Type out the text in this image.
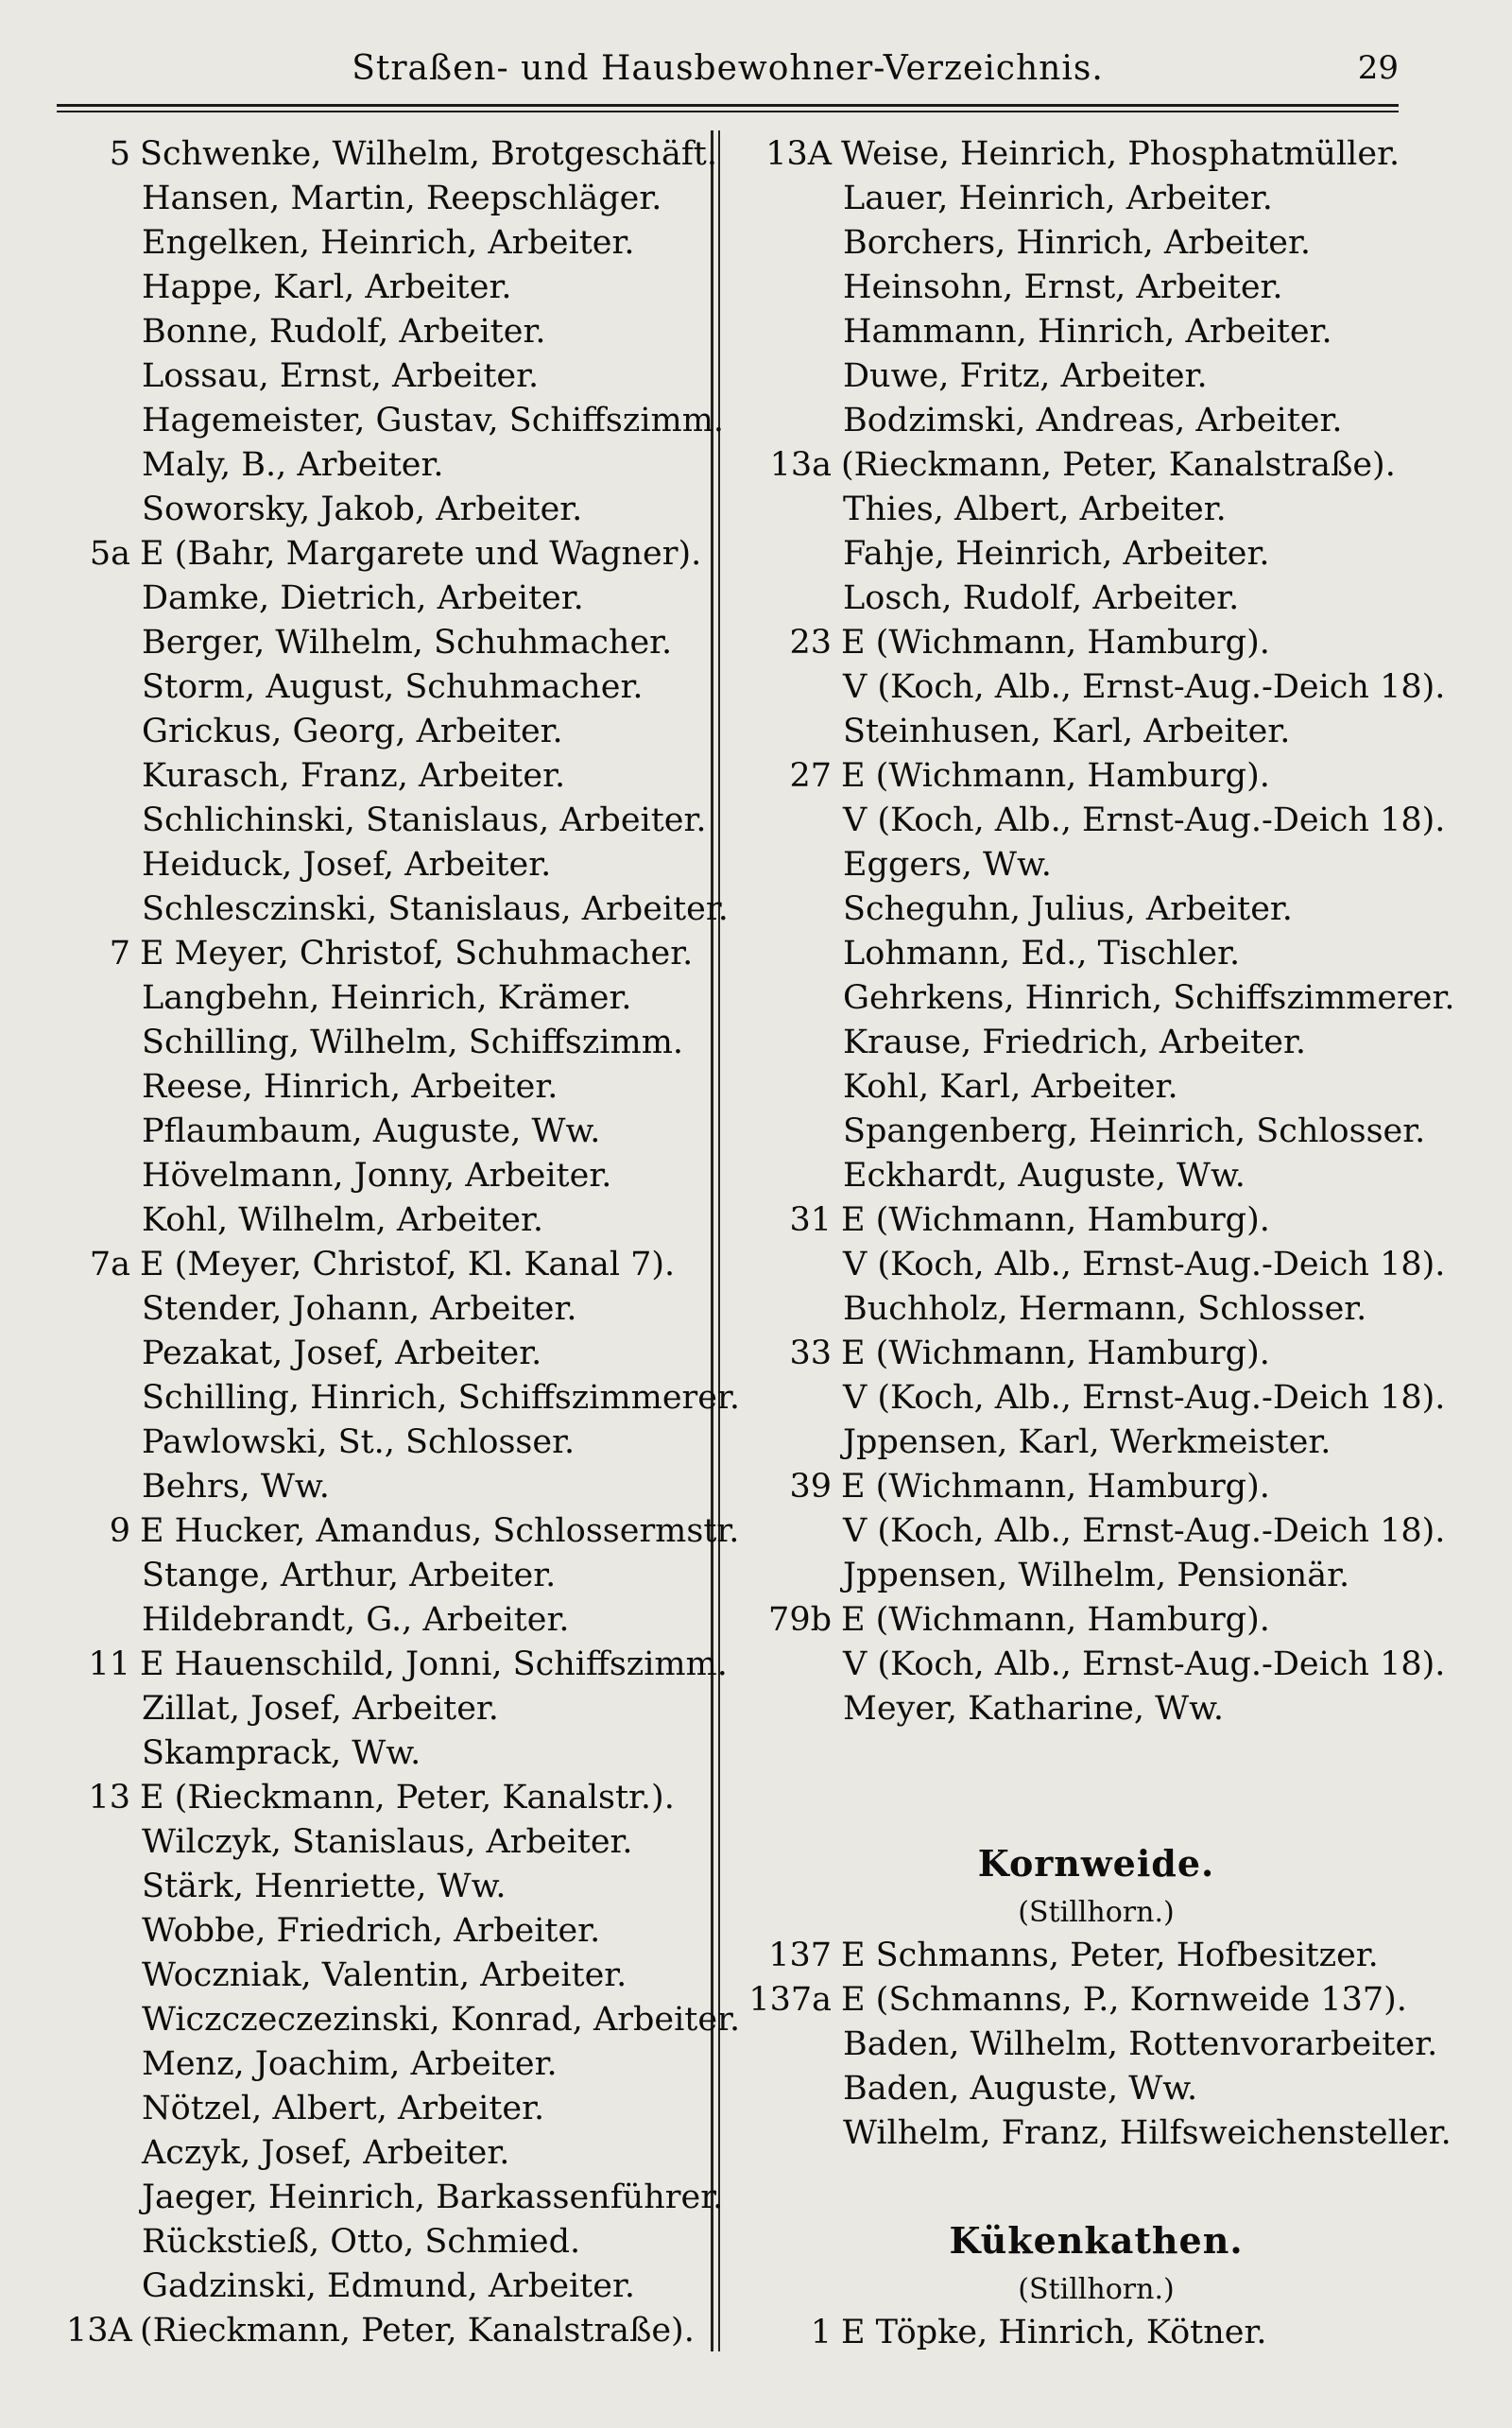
Straßen- und Hausbewohner-Verzeichnis.	29
5 Schwenke, Wilhelm, Brotgeschäft.
Hansen, Martin, Reepschläger.
Engelken, Heinrich, Arbeiter.
Happe, Karl, Arbeiter.
Bonne, Rudolf, Arbeiter.
Lossau, Ernst, Arbeiter.
Hagemeister, Gustav, Schiffszimm.
Maly, B., Arbeiter.
Soworsky, Jakob, Arbeiter.
5a E (Bahr, Margarete und Wagner).
Damke, Dietrich, Arbeiter.
Berger, Wilhelm, Schuhmacher.
Storm, August, Schuhmacher.
Grickus, Georg, Arbeiter.
Kurasch, Franz, Arbeiter.
Schlichinski, Stanislaus, Arbeiter.
Heiduck, Josef, Arbeiter.
Schlesczinski, Stanislaus, Arbeiter.
7 E Meyer, Christof, Schuhmacher.
Langbehn, Heinrich, Krämer.
Schilling, Wilhelm, Schiffszimm.
Reese, Hinrich, Arbeiter.
Pflaumbaum, Auguste, Ww.
Hövelmann, Jonny, Arbeiter.
Kohl, Wilhelm, Arbeiter.
7a E (Meyer, Christof, Kl. Kanal 7).
Stender, Johann, Arbeiter.
Pezakat, Josef, Arbeiter.
Schilling, Hinrich, Schiffszimmerer.
Pawlowski, St., Schlosser.
Behrs, Ww.
9 E Hucker, Amandus, Schlossermstr.
Stange, Arthur, Arbeiter.
Hildebrandt, G., Arbeiter.
11 E Hauenschild, Jonni, Schiffszimm.
Zillat, Josef, Arbeiter.
Skamprack, Ww.
13 E (Rieckmann, Peter, Kanalstr.).
Wilczyk, Stanislaus, Arbeiter.
Stärk, Henriette, Ww.
Wobbe, Friedrich, Arbeiter.
Woczniak, Valentin, Arbeiter.
Wiczczeczezinski, Konrad, Arbeiter.
Menz, Joachim, Arbeiter.
Nötzel, Albert, Arbeiter.
Aczyk, Josef, Arbeiter.
Jaeger, Heinrich, Barkassenführer.
Rückstieß, Otto, Schmied.
Gadzinski, Edmund, Arbeiter.
13A (Rieckmann, Peter, Kanalstraße).
13A Weise, Heinrich, Phosphatmüller.
Lauer, Heinrich, Arbeiter.
Borchers, Hinrich, Arbeiter.
Heinsohn, Ernst, Arbeiter.
Hammann, Hinrich, Arbeiter.
Duwe, Fritz, Arbeiter.
Bodzimski, Andreas, Arbeiter.
13a (Rieckmann, Peter, Kanalstraße).
Thies, Albert, Arbeiter.
Fahje, Heinrich, Arbeiter.
Losch, Rudolf, Arbeiter.
23 E (Wichmann, Hamburg).
V (Koch, Alb., Ernst-Aug.-Deich 18).
Steinhusen, Karl, Arbeiter.
27 E (Wichmann, Hamburg).
V (Koch, Alb., Ernst-Aug.-Deich 18).
Eggers, Ww.
Scheguhn, Julius, Arbeiter.
Lohmann, Ed., Tischler.
Gehrkens, Hinrich, Schiffszimmerer.
Krause, Friedrich, Arbeiter.
Kohl, Karl, Arbeiter.
Spangenberg, Heinrich, Schlosser.
Eckhardt, Auguste, Ww.
31 E (Wichmann, Hamburg).
V (Koch, Alb., Ernst-Aug.-Deich 18).
Buchholz, Hermann, Schlosser.
33 E (Wichmann, Hamburg).
V (Koch, Alb., Ernst-Aug.-Deich 18).
Jppensen, Karl, Werkmeister.
39 E (Wichmann, Hamburg).
V (Koch, Alb., Ernst-Aug.-Deich 18).
Jppensen, Wilhelm, Pensionär.
79b E (Wichmann, Hamburg).
V (Koch, Alb., Ernst-Aug.-Deich 18).
Meyer, Katharine, Ww.
Kornweide.
(Stillhorn.)
137 E Schmanns, Peter, Hofbesitzer.
137a E (Schmanns, P., Kornweide 137).
Baden, Wilhelm, Rottenvorarbeiter.
Baden, Auguste, Ww.
Wilhelm, Franz, Hilfsweichensteller.
Kükenkathen.
(Stillhorn.)
1 E Töpke, Hinrich, Kötner.
